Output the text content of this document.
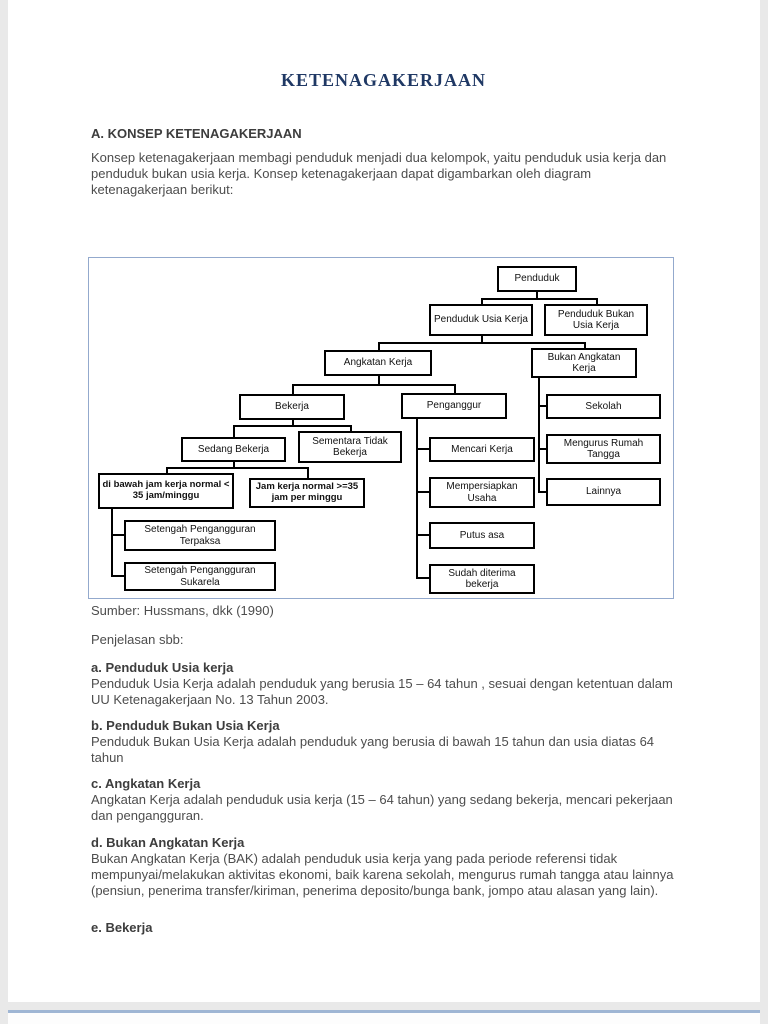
KETENAGAKERJAAN
A. KONSEP KETENAGAKERJAAN

Konsep ketenagakerjaan membagi penduduk menjadi dua kelompok, yaitu penduduk usia kerja dan penduduk bukan usia kerja. Konsep ketenagakerjaan dapat digambarkan oleh diagram ketenagakerjaan berikut:

Penduduk
Penduduk Usia Kerja
Penduduk Bukan Usia Kerja
Angkatan Kerja
Bukan Angkatan Kerja
Bekerja	Penganggur	Sekolah
Sedang Bekerja
Sementara Tidak Bekerja	Mencari Kerja
Mengurus Rumah Tangga
di bawah jam kerja normal < 35 jam/minggu
Jam kerja normal >=35 jam per minggu
Mempersiapkan Usaha
Lainnya
Setengah Pengangguran Terpaksa
Putus asa
Setengah Pengangguran Sukarela
Sudah diterima bekerja
Sumber: Hussmans, dkk (1990)
Penjelasan sbb:
a. Penduduk Usia kerja
Penduduk Usia Kerja adalah penduduk yang berusia 15 – 64 tahun , sesuai dengan ketentuan dalam UU Ketenagakerjaan No. 13 Tahun 2003.
b. Penduduk Bukan Usia Kerja
Penduduk Bukan Usia Kerja adalah penduduk yang berusia di bawah 15 tahun dan usia diatas 64 tahun
c. Angkatan Kerja
Angkatan Kerja adalah penduduk usia kerja (15 – 64 tahun) yang sedang bekerja, mencari pekerjaan dan pengangguran.
d. Bukan Angkatan Kerja
Bukan Angkatan Kerja (BAK) adalah penduduk usia kerja yang pada periode referensi tidak mempunyai/melakukan aktivitas ekonomi, baik karena sekolah, mengurus rumah tangga atau lainnya (pensiun, penerima transfer/kiriman, penerima deposito/bunga bank, jompo atau alasan yang lain).
e. Bekerja
